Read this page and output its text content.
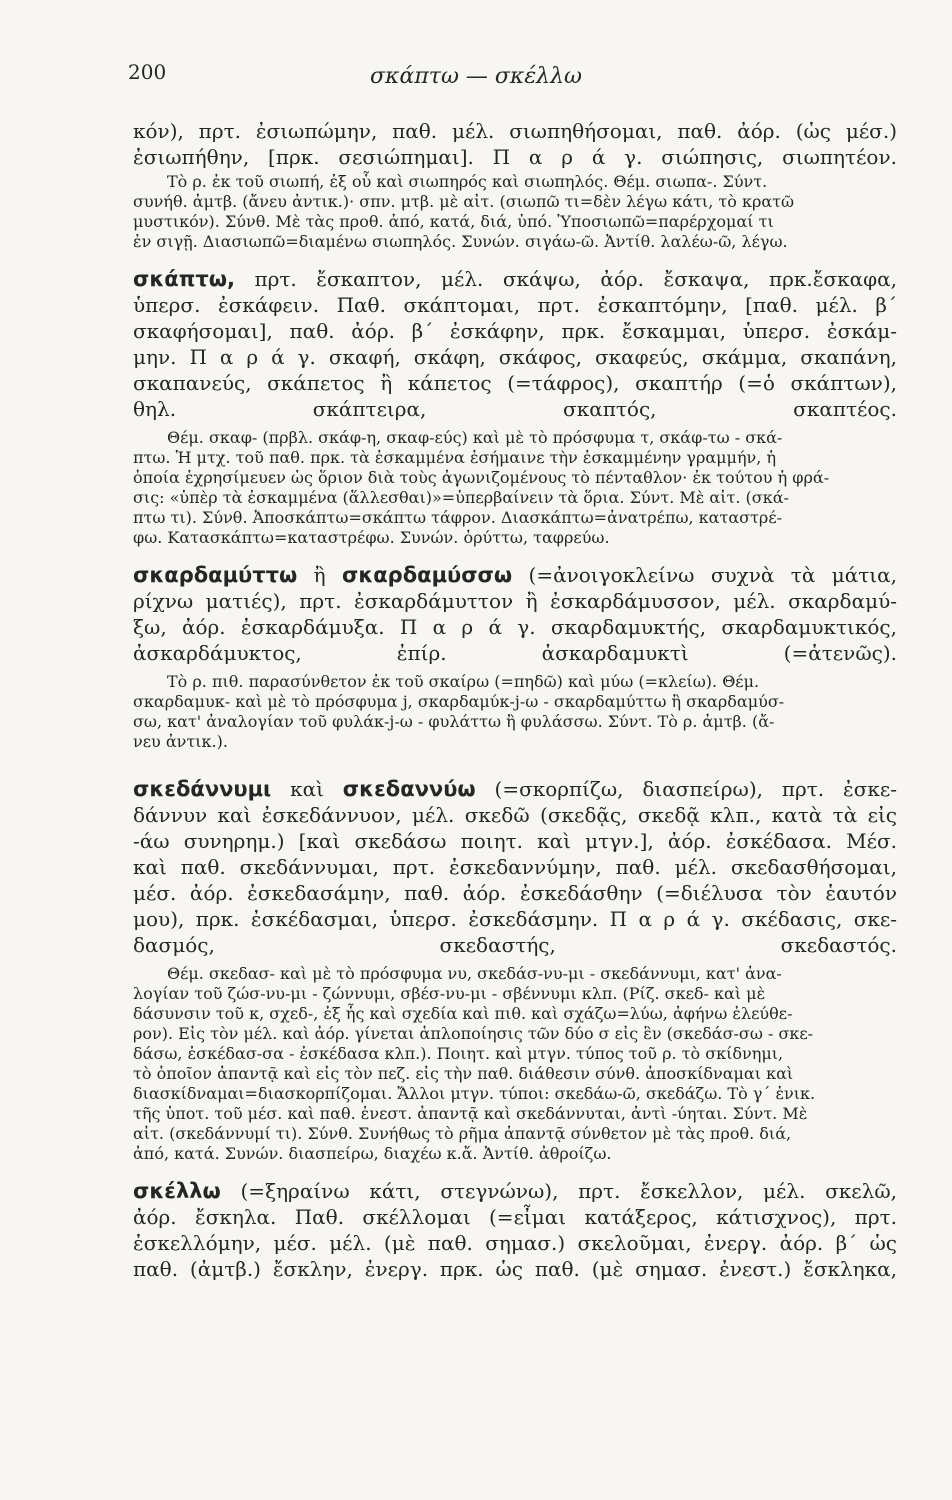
200	σκάπτω — σκέλλω
κόν), πρτ. ἐσιωπώμην, παθ. μέλ. σιωπηθήσομαι, παθ. ἀόρ. (ὡς μέσ.)
ἐσιωπήθην, [πρκ. σεσιώπημαι]. Π α ρ ά γ. σιώπησις, σιωπητέον.
Τὸ ρ. ἐκ τοῦ σιωπή, ἐξ οὗ καὶ σιωπηρός καὶ σιωπηλός. Θέμ. σιωπα-. Σύντ.
συνήθ. ἀμτβ. (ἄνευ ἀντικ.)· σπν. μτβ. μὲ αἰτ. (σιωπῶ τι=δὲν λέγω κάτι, τὸ κρατῶ
μυστικόν). Σύνθ. Μὲ τὰς προθ. ἀπό, κατά, διά, ὑπό. Ὑποσιωπῶ=παρέρχομαί τι
ἐν σιγῇ. Διασιωπῶ=διαμένω σιωπηλός. Συνών. σιγάω-ῶ. Ἀντίθ. λαλέω-ῶ, λέγω.
σκάπτω, πρτ. ἔσκαπτον, μέλ. σκάψω, ἀόρ. ἔσκαψα, πρκ.ἔσκαφα,
ὑπερσ. ἐσκάφειν. Παθ. σκάπτομαι, πρτ. ἐσκαπτόμην, [παθ. μέλ. β΄
σκαφήσομαι], παθ. ἀόρ. β΄ ἐσκάφην, πρκ. ἔσκαμμαι, ὑπερσ. ἐσκάμ-
μην. Π α ρ ά γ. σκαφή, σκάφη, σκάφος, σκαφεύς, σκάμμα, σκαπάνη,
σκαπανεύς, σκάπετος ἢ κάπετος (=τάφρος), σκαπτήρ (=ὁ σκάπτων),
θηλ. σκάπτειρα, σκαπτός, σκαπτέος.
Θέμ. σκαφ- (πρβλ. σκάφ-η, σκαφ-εύς) καὶ μὲ τὸ πρόσφυμα τ, σκάφ-τω - σκά-
πτω. Ἡ μτχ. τοῦ παθ. πρκ. τὰ ἐσκαμμένα ἐσήμαινε τὴν ἐσκαμμένην γραμμήν, ἡ
ὁποία ἐχρησίμευεν ὡς ὅριον διὰ τοὺς ἀγωνιζομένους τὸ πένταθλον· ἐκ τούτου ἡ φρά-
σις: «ὑπὲρ τὰ ἐσκαμμένα (ἅλλεσθαι)»=ὑπερβαίνειν τὰ ὅρια. Σύντ. Μὲ αἰτ. (σκά-
πτω τι). Σύνθ. Ἀποσκάπτω=σκάπτω τάφρον. Διασκάπτω=ἀνατρέπω, καταστρέ-
φω. Κατασκάπτω=καταστρέφω. Συνών. ὀρύττω, ταφρεύω.
σκαρδαμύττω ἢ σκαρδαμύσσω (=ἀνοιγοκλείνω συχνὰ τὰ μάτια,
ρίχνω ματιές), πρτ. ἐσκαρδάμυττον ἢ ἐσκαρδάμυσσον, μέλ. σκαρδαμύ-
ξω, ἀόρ. ἐσκαρδάμυξα. Π α ρ ά γ. σκαρδαμυκτής, σκαρδαμυκτικός,
ἀσκαρδάμυκτος, ἐπίρ. ἀσκαρδαμυκτὶ (=ἀτενῶς).
Τὸ ρ. πιθ. παρασύνθετον ἐκ τοῦ σκαίρω (=πηδῶ) καὶ μύω (=κλείω). Θέμ.
σκαρδαμυκ- καὶ μὲ τὸ πρόσφυμα j, σκαρδαμύκ-j-ω - σκαρδαμύττω ἢ σκαρδαμύσ-
σω, κατ' ἀναλογίαν τοῦ φυλάκ-j-ω - φυλάττω ἢ φυλάσσω. Σύντ. Τὸ ρ. ἀμτβ. (ἄ-
νευ ἀντικ.).
σκεδάννυμι καὶ σκεδαννύω (=σκορπίζω, διασπείρω), πρτ. ἐσκε-
δάννυν καὶ ἐσκεδάννυον, μέλ. σκεδῶ (σκεδᾷς, σκεδᾷ κλπ., κατὰ τὰ εἰς
-άω συνηρημ.) [καὶ σκεδάσω ποιητ. καὶ μτγν.], ἀόρ. ἐσκέδασα. Μέσ.
καὶ παθ. σκεδάννυμαι, πρτ. ἐσκεδαννύμην, παθ. μέλ. σκεδασθήσομαι,
μέσ. ἀόρ. ἐσκεδασάμην, παθ. ἀόρ. ἐσκεδάσθην (=διέλυσα τὸν ἑαυτόν
μου), πρκ. ἐσκέδασμαι, ὑπερσ. ἐσκεδάσμην. Π α ρ ά γ. σκέδασις, σκε-
δασμός, σκεδαστής, σκεδαστός.
Θέμ. σκεδασ- καὶ μὲ τὸ πρόσφυμα νυ, σκεδάσ-νυ-μι - σκεδάννυμι, κατ' ἀνα-
λογίαν τοῦ ζώσ-νυ-μι - ζώννυμι, σβέσ-νυ-μι - σβέννυμι κλπ. (Ρίζ. σκεδ- καὶ μὲ
δάσυνσιν τοῦ κ, σχεδ-, ἐξ ἧς καὶ σχεδία καὶ πιθ. καὶ σχάζω=λύω, ἀφήνω ἐλεύθε-
ρον). Εἰς τὸν μέλ. καὶ ἀόρ. γίνεται ἁπλοποίησις τῶν δύο σ εἰς ἓν (σκεδάσ-σω - σκε-
δάσω, ἐσκέδασ-σα - ἐσκέδασα κλπ.). Ποιητ. καὶ μτγν. τύπος τοῦ ρ. τὸ σκίδνημι,
τὸ ὁποῖον ἀπαντᾷ καὶ εἰς τὸν πεζ. εἰς τὴν παθ. διάθεσιν σύνθ. ἀποσκίδναμαι καὶ
διασκίδναμαι=διασκορπίζομαι. Ἄλλοι μτγν. τύποι: σκεδάω-ῶ, σκεδάζω. Τὸ γ΄ ἑνικ.
τῆς ὑποτ. τοῦ μέσ. καὶ παθ. ἐνεστ. ἀπαντᾷ καὶ σκεδάννυται, ἀντὶ -ύηται. Σύντ. Μὲ
αἰτ. (σκεδάννυμί τι). Σύνθ. Συνήθως τὸ ρῆμα ἀπαντᾷ σύνθετον μὲ τὰς προθ. διά,
ἀπό, κατά. Συνών. διασπείρω, διαχέω κ.ἄ. Ἀντίθ. ἀθροίζω.
σκέλλω (=ξηραίνω κάτι, στεγνώνω), πρτ. ἔσκελλον, μέλ. σκελῶ,
ἀόρ. ἔσκηλα. Παθ. σκέλλομαι (=εἶμαι κατάξερος, κάτισχνος), πρτ.
ἐσκελλόμην, μέσ. μέλ. (μὲ παθ. σημασ.) σκελοῦμαι, ἐνεργ. ἀόρ. β΄ ὡς
παθ. (ἀμτβ.) ἔσκλην, ἐνεργ. πρκ. ὡς παθ. (μὲ σημασ. ἐνεστ.) ἔσκληκα,
